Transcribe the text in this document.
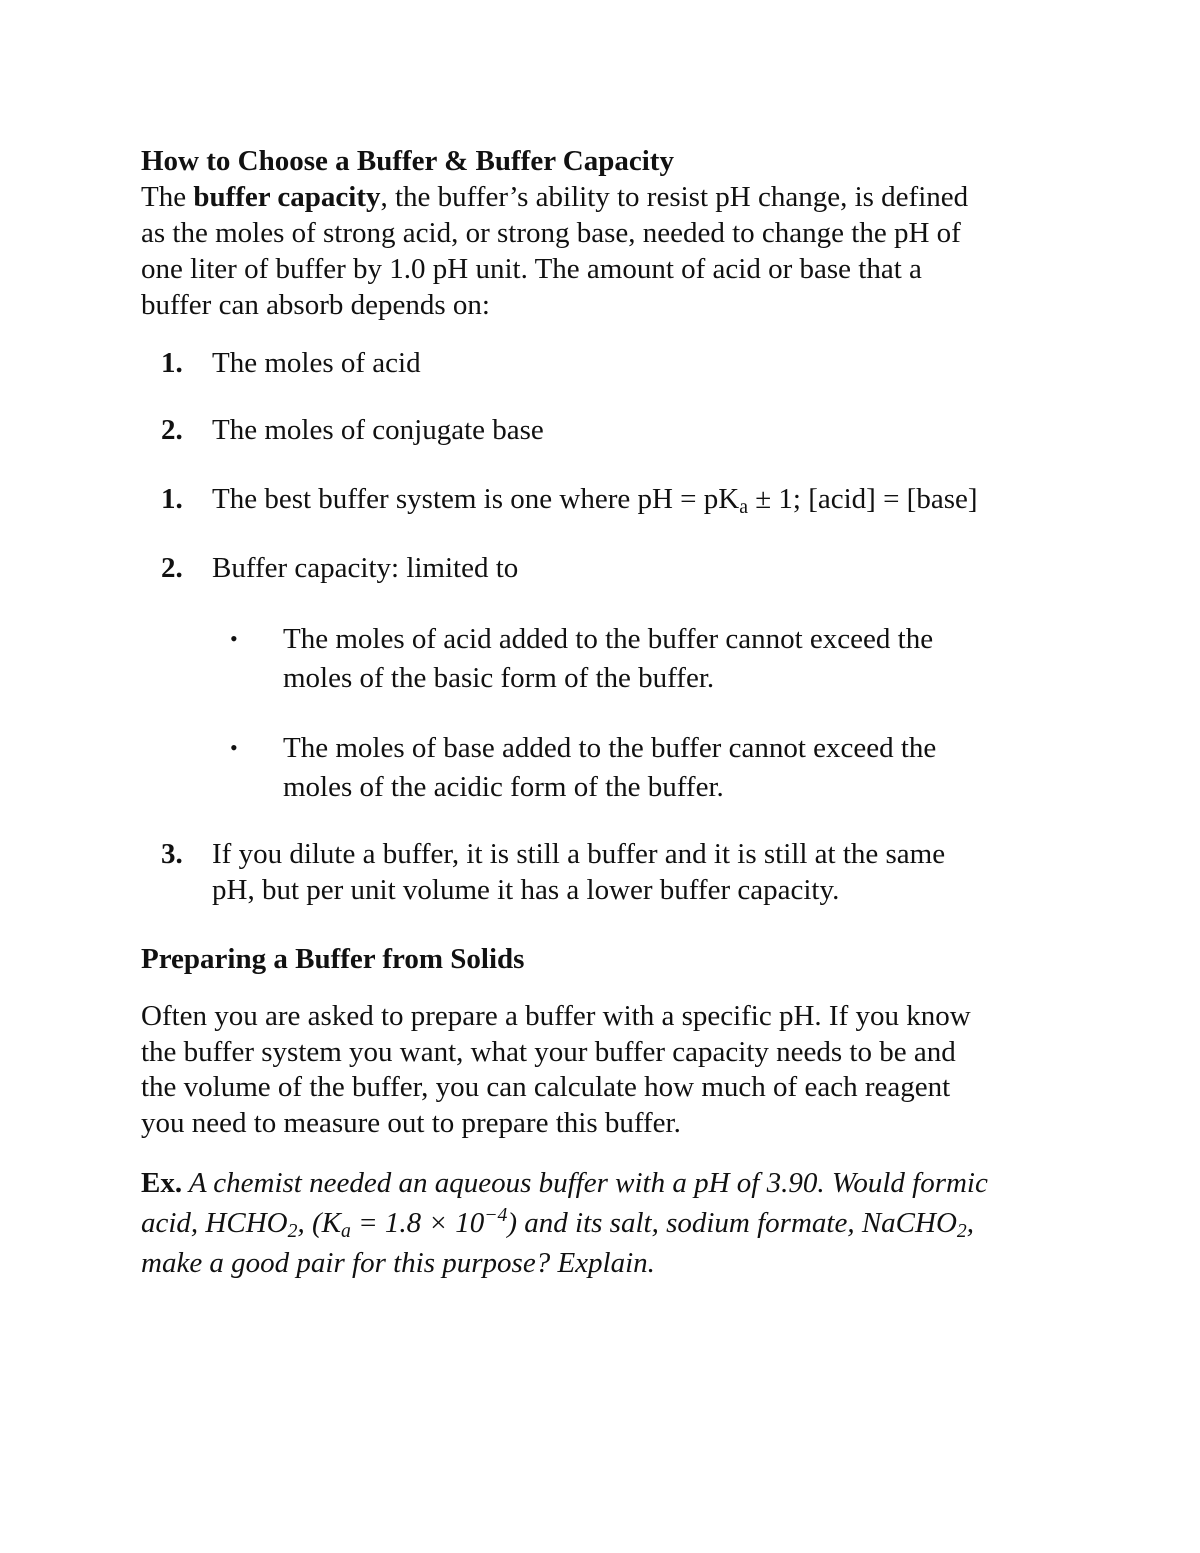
How to Choose a Buffer & Buffer Capacity
The buffer capacity, the buffer’s ability to resist pH change, is defined
as the moles of strong acid, or strong base, needed to change the pH of
one liter of buffer by 1.0 pH unit. The amount of acid or base that a
buffer can absorb depends on:
1. The moles of acid
2. The moles of conjugate base
1. The best buffer system is one where pH = $pK_a \pm 1$; [acid] = [base]
2. Buffer capacity: limited to
• The moles of acid added to the buffer cannot exceed the
moles of the basic form of the buffer.
• The moles of base added to the buffer cannot exceed the
moles of the acidic form of the buffer.
3. If you dilute a buffer, it is still a buffer and it is still at the same
pH, but per unit volume it has a lower buffer capacity.
Preparing a Buffer from Solids
Often you are asked to prepare a buffer with a specific pH. If you know
the buffer system you want, what your buffer capacity needs to be and
the volume of the buffer, you can calculate how much of each reagent
you need to measure out to prepare this buffer.
Ex. A chemist needed an aqueous buffer with a pH of 3.90. Would formic
acid, $HCHO_2$, $(K_a = 1.8 \times 10^{-4})$ and its salt, sodium formate, NaCHO$_2$,
make a good pair for this purpose? Explain.
